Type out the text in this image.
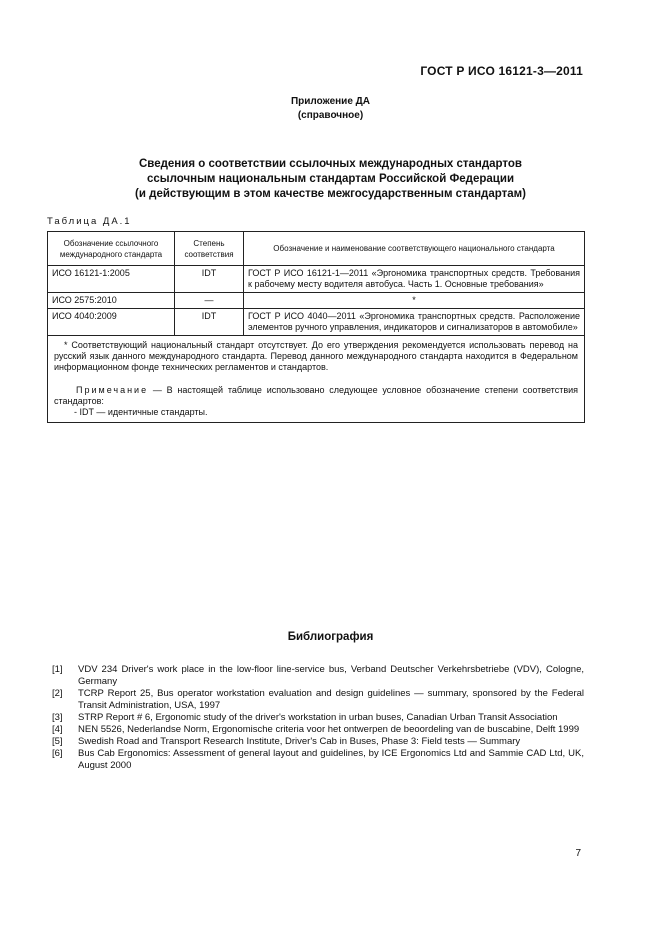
ГОСТ Р ИСО 16121-3—2011
Приложение ДА
(справочное)
Сведения о соответствии ссылочных международных стандартов
ссылочным национальным стандартам Российской Федерации
(и действующим в этом качестве межгосударственным стандартам)
Таблица ДА.1
Обозначение ссылочного международного стандарта	Степень соответствия	Обозначение и наименование соответствующего национального стандарта
ИСО 16121-1:2005	IDT	ГОСТ Р ИСО 16121-1—2011 «Эргономика транспортных средств. Требования к рабочему месту водителя автобуса. Часть 1. Основные требования»
ИСО 2575:2010	—	*
ИСО 4040:2009	IDT	ГОСТ Р ИСО 4040—2011 «Эргономика транспортных средств. Расположение элементов ручного управления, индикаторов и сигнализаторов в автомобиле»

* Соответствующий национальный стандарт отсутствует. До его утверждения рекомендуется использовать перевод на русский язык данного международного стандарта. Перевод данного международного стандарта находится в Федеральном информационном фонде технических регламентов и стандартов.

Примечание — В настоящей таблице использовано следующее условное обозначение степени соответствия стандартов:

- IDT — идентичные стандарты.		

Библиография
[1]	VDV 234 Driver's work place in the low-floor line-service bus, Verband Deutscher Verkehrsbetriebe (VDV), Cologne, Germany
[2]	TCRP Report 25, Bus operator workstation evaluation and design guidelines — summary, sponsored by the Federal Transit Administration, USA, 1997
[3]	STRP Report # 6, Ergonomic study of the driver's workstation in urban buses, Canadian Urban Transit Association
[4]	NEN 5526, Nederlandse Norm, Ergonomische criteria voor het ontwerpen de beoordeling van de buscabine, Delft 1999
[5]	Swedish Road and Transport Research Institute, Driver's Cab in Buses, Phase 3: Field tests — Summary
[6]	Bus Cab Ergonomics: Assessment of general layout and guidelines, by ICE Ergonomics Ltd and Sammie CAD Ltd, UK, August 2000
7
